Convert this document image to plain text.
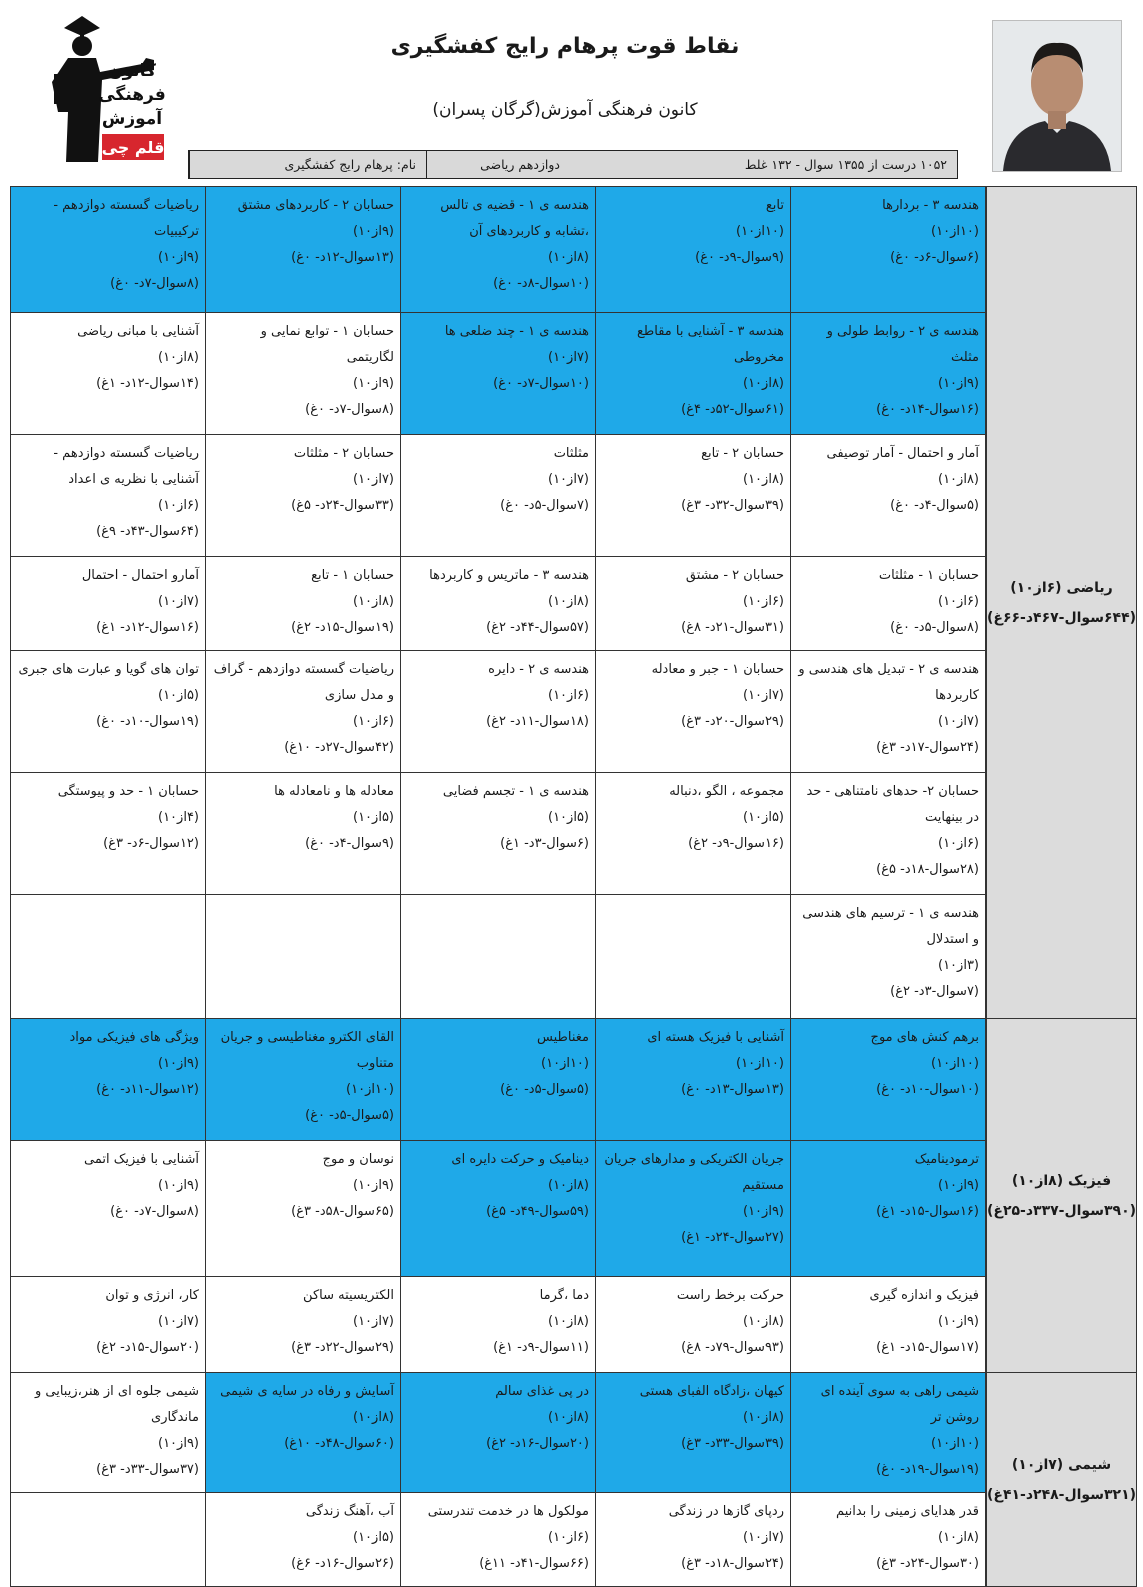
کانون
فرهنگی
آموزش
قلم چی
نقاط قوت پرهام رایج کفشگیری
کانون فرهنگی آموزش(گرگان پسران)
نام: پرهام رایج کفشگیری	دوازدهم ریاضی	۱۰۵۲ درست از ۱۳۵۵ سوال - ۱۳۲ غلط
ریاضی (۶از۱۰) (۶۴۴سوال-۴۶۷د-۶۶غ)
هندسه ۳ - بردارها
(۱۰از۱۰)
(۶سوال-۶د- ۰غ)
تابع
(۱۰از۱۰)
(۹سوال-۹د- ۰غ)
هندسه ی ۱ - قضیه ی تالس ،تشابه و کاربردهای آن
(۸از۱۰)
(۱۰سوال-۸د- ۰غ)
حسابان ۲ - کاربردهای مشتق
(۹از۱۰)
(۱۳سوال-۱۲د- ۰غ)
ریاضیات گسسته دوازدهم - ترکیبیات
(۹از۱۰)
(۸سوال-۷د- ۰غ)
هندسه ی ۲ - روابط طولی و مثلث
(۹از۱۰)
(۱۶سوال-۱۴د- ۰غ)
هندسه ۳ - آشنایی با مقاطع مخروطی
(۸از۱۰)
(۶۱سوال-۵۲د- ۴غ)
هندسه ی ۱ - چند ضلعی ها
(۷از۱۰)
(۱۰سوال-۷د- ۰غ)
حسابان ۱ - توابع نمایی و لگاریتمی
(۹از۱۰)
(۸سوال-۷د- ۰غ)
آشنایی با مبانی ریاضی
(۸از۱۰)
(۱۴سوال-۱۲د- ۱غ)
آمار و احتمال - آمار توصیفی
(۸از۱۰)
(۵سوال-۴د- ۰غ)
حسابان ۲ - تابع
(۸از۱۰)
(۳۹سوال-۳۲د- ۳غ)
مثلثات
(۷از۱۰)
(۷سوال-۵د- ۰غ)
حسابان ۲ - مثلثات
(۷از۱۰)
(۳۳سوال-۲۴د- ۵غ)
ریاضیات گسسته دوازدهم - آشنایی با نظریه ی اعداد
(۶از۱۰)
(۶۴سوال-۴۳د- ۹غ)
حسابان ۱ - مثلثات
(۶از۱۰)
(۸سوال-۵د- ۰غ)
حسابان ۲ - مشتق
(۶از۱۰)
(۳۱سوال-۲۱د- ۸غ)
هندسه ۳ - ماتریس و کاربردها
(۸از۱۰)
(۵۷سوال-۴۴د- ۲غ)
حسابان ۱ - تابع
(۸از۱۰)
(۱۹سوال-۱۵د- ۲غ)
آمارو احتمال - احتمال
(۷از۱۰)
(۱۶سوال-۱۲د- ۱غ)
هندسه ی ۲ - تبدیل های هندسی و کاربردها
(۷از۱۰)
(۲۴سوال-۱۷د- ۳غ)
حسابان ۱ - جبر و معادله
(۷از۱۰)
(۲۹سوال-۲۰د- ۳غ)
هندسه ی ۲ - دایره
(۶از۱۰)
(۱۸سوال-۱۱د- ۲غ)
ریاضیات گسسته دوازدهم - گراف و مدل سازی
(۶از۱۰)
(۴۲سوال-۲۷د- ۱۰غ)
توان های گویا و عبارت های جبری
(۵از۱۰)
(۱۹سوال-۱۰د- ۰غ)
حسابان ۲- حدهای نامتناهی - حد در بینهایت
(۶از۱۰)
(۲۸سوال-۱۸د- ۵غ)
مجموعه ، الگو ،دنباله
(۵از۱۰)
(۱۶سوال-۹د- ۲غ)
هندسه ی ۱ - تجسم فضایی
(۵از۱۰)
(۶سوال-۳د- ۱غ)
معادله ها و نامعادله ها
(۵از۱۰)
(۹سوال-۴د- ۰غ)
حسابان ۱ - حد و پیوستگی
(۴از۱۰)
(۱۲سوال-۶د- ۳غ)
هندسه ی ۱ - ترسیم های هندسی و استدلال
(۳از۱۰)
(۷سوال-۳د- ۲غ)
فیزیک (۸از۱۰) (۳۹۰سوال-۳۳۷د-۲۵غ)
برهم کنش های موج
(۱۰از۱۰)
(۱۰سوال-۱۰د- ۰غ)
آشنایی با فیزیک هسته ای
(۱۰از۱۰)
(۱۳سوال-۱۳د- ۰غ)
مغناطیس
(۱۰از۱۰)
(۵سوال-۵د- ۰غ)
القای الکترو مغناطیسی و جریان متناوب
(۱۰از۱۰)
(۵سوال-۵د- ۰غ)
ویژگی های فیزیکی مواد
(۹از۱۰)
(۱۲سوال-۱۱د- ۰غ)
ترمودینامیک
(۹از۱۰)
(۱۶سوال-۱۵د- ۱غ)
جریان الکتریکی و مدارهای جریان مستقیم
(۹از۱۰)
(۲۷سوال-۲۴د- ۱غ)
دینامیک و حرکت دایره ای
(۸از۱۰)
(۵۹سوال-۴۹د- ۵غ)
نوسان و موج
(۹از۱۰)
(۶۵سوال-۵۸د- ۳غ)
آشنایی با فیزیک اتمی
(۹از۱۰)
(۸سوال-۷د- ۰غ)
فیزیک و اندازه گیری
(۹از۱۰)
(۱۷سوال-۱۵د- ۱غ)
حرکت برخط راست
(۸از۱۰)
(۹۳سوال-۷۹د- ۸غ)
دما ،گرما
(۸از۱۰)
(۱۱سوال-۹د- ۱غ)
الکتریسیته ساکن
(۷از۱۰)
(۲۹سوال-۲۲د- ۳غ)
کار، انرژی و توان
(۷از۱۰)
(۲۰سوال-۱۵د- ۲غ)
شیمی (۷از۱۰) (۳۲۱سوال-۲۴۸د-۴۱غ)
شیمی راهی به سوی آینده ای روشن تر
(۱۰از۱۰)
(۱۹سوال-۱۹د- ۰غ)
کیهان ،زادگاه الفبای هستی
(۸از۱۰)
(۳۹سوال-۳۳د- ۳غ)
در پی غذای سالم
(۸از۱۰)
(۲۰سوال-۱۶د- ۲غ)
آسایش و رفاه در سایه ی شیمی
(۸از۱۰)
(۶۰سوال-۴۸د- ۱۰غ)
شیمی جلوه ای از هنر،زیبایی و ماندگاری
(۹از۱۰)
(۳۷سوال-۳۳د- ۳غ)
قدر هدایای زمینی را بدانیم
(۸از۱۰)
(۳۰سوال-۲۴د- ۳غ)
ردپای گازها در زندگی
(۷از۱۰)
(۲۴سوال-۱۸د- ۳غ)
مولکول ها در خدمت تندرستی
(۶از۱۰)
(۶۶سوال-۴۱د- ۱۱غ)
آب ،آهنگ زندگی
(۵از۱۰)
(۲۶سوال-۱۶د- ۶غ)
